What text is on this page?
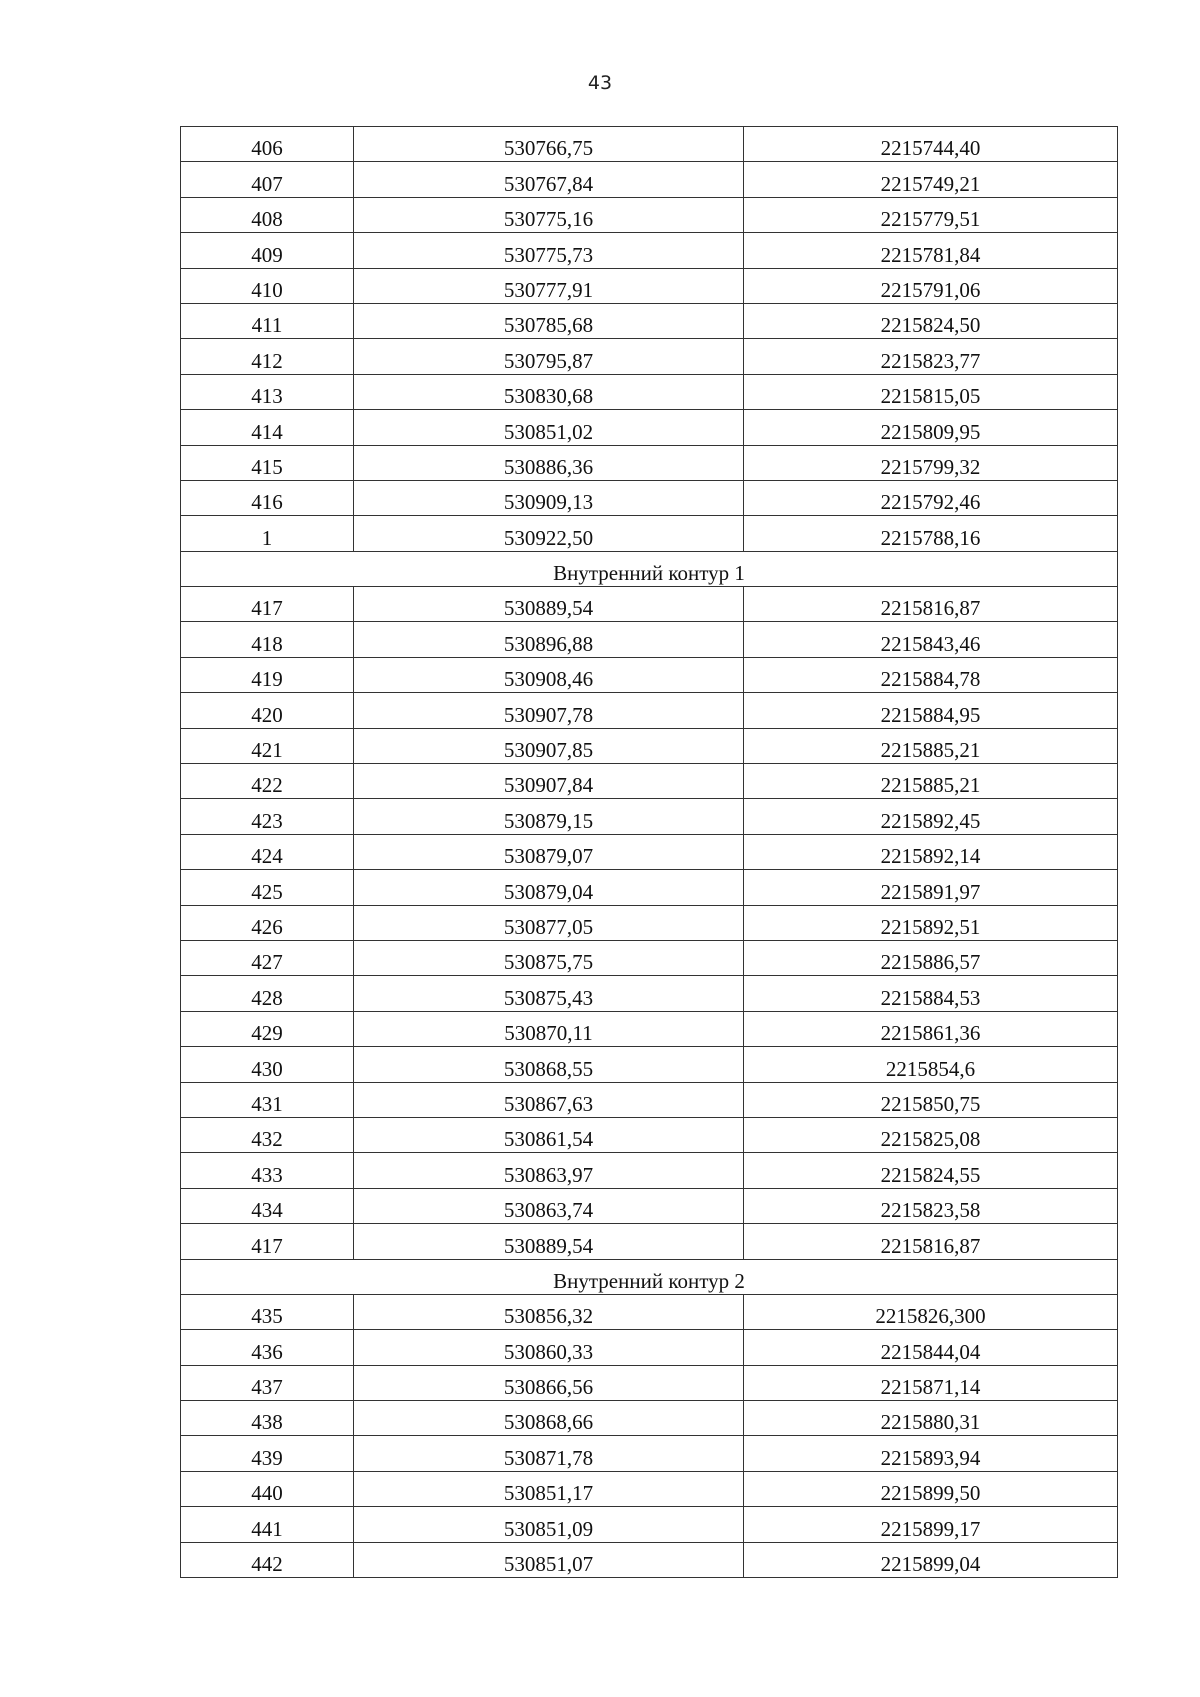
43
406	530766,75	2215744,40
407	530767,84	2215749,21
408	530775,16	2215779,51
409	530775,73	2215781,84
410	530777,91	2215791,06
411	530785,68	2215824,50
412	530795,87	2215823,77
413	530830,68	2215815,05
414	530851,02	2215809,95
415	530886,36	2215799,32
416	530909,13	2215792,46
1	530922,50	2215788,16
Внутренний контур 1		
417	530889,54	2215816,87
418	530896,88	2215843,46
419	530908,46	2215884,78
420	530907,78	2215884,95
421	530907,85	2215885,21
422	530907,84	2215885,21
423	530879,15	2215892,45
424	530879,07	2215892,14
425	530879,04	2215891,97
426	530877,05	2215892,51
427	530875,75	2215886,57
428	530875,43	2215884,53
429	530870,11	2215861,36
430	530868,55	2215854,6
431	530867,63	2215850,75
432	530861,54	2215825,08
433	530863,97	2215824,55
434	530863,74	2215823,58
417	530889,54	2215816,87
Внутренний контур 2		
435	530856,32	2215826,300
436	530860,33	2215844,04
437	530866,56	2215871,14
438	530868,66	2215880,31
439	530871,78	2215893,94
440	530851,17	2215899,50
441	530851,09	2215899,17
442	530851,07	2215899,04
